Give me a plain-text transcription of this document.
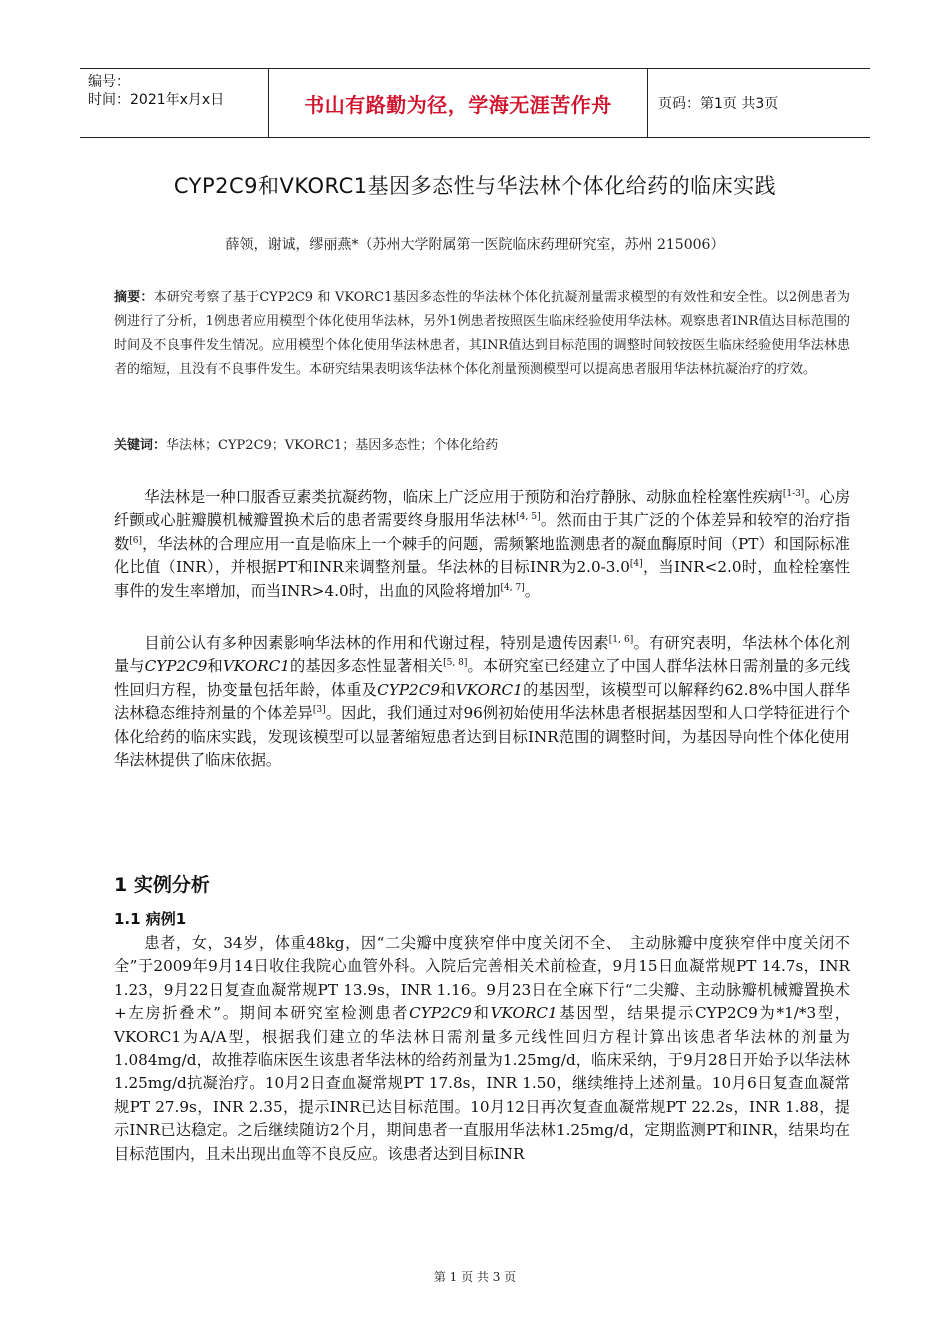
编号：
时间：2021年x月x日	书山有路勤为径，学海无涯苦作舟	页码：第1页 共3页
CYP2C9和VKORC1基因多态性与华法林个体化给药的临床实践
薛领，谢诚，缪丽燕*（苏州大学附属第一医院临床药理研究室，苏州 215006）
摘要：本研究考察了基于CYP2C9 和 VKORC1基因多态性的华法林个体化抗凝剂量需求模型的有效性和安全性。以2例患者为例进行了分析，1例患者应用模型个体化使用华法林，另外1例患者按照医生临床经验使用华法林。观察患者INR值达目标范围的时间及不良事件发生情况。应用模型个体化使用华法林患者，其INR值达到目标范围的调整时间较按医生临床经验使用华法林患者的缩短，且没有不良事件发生。本研究结果表明该华法林个体化剂量预测模型可以提高患者服用华法林抗凝治疗的疗效。
关键词：华法林；CYP2C9；VKORC1；基因多态性；个体化给药

华法林是一种口服香豆素类抗凝药物，临床上广泛应用于预防和治疗静脉、动脉血栓栓塞性疾病[1-3]。心房纤颤或心脏瓣膜机械瓣置换术后的患者需要终身服用华法林[4, 5]。然而由于其广泛的个体差异和较窄的治疗指数[6]，华法林的合理应用一直是临床上一个棘手的问题，需频繁地监测患者的凝血酶原时间（PT）和国际标准化比值（INR），并根据PT和INR来调整剂量。华法林的目标INR为2.0-3.0[4]，当INR<2.0时，血栓栓塞性事件的发生率增加，而当INR>4.0时，出血的风险将增加[4, 7]。

目前公认有多种因素影响华法林的作用和代谢过程，特别是遗传因素[1, 6]。有研究表明，华法林个体化剂量与CYP2C9和VKORC1的基因多态性显著相关[5, 8]。本研究室已经建立了中国人群华法林日需剂量的多元线性回归方程，协变量包括年龄，体重及CYP2C9和VKORC1的基因型，该模型可以解释约62.8%中国人群华法林稳态维持剂量的个体差异[3]。因此，我们通过对96例初始使用华法林患者根据基因型和人口学特征进行个体化给药的临床实践，发现该模型可以显著缩短患者达到目标INR范围的调整时间，为基因导向性个体化使用华法林提供了临床依据。

1 实例分析
1.1 病例1

患者，女，34岁，体重48kg，因“二尖瓣中度狭窄伴中度关闭不全、　主动脉瓣中度狭窄伴中度关闭不全”于2009年9月14日收住我院心血管外科。入院后完善相关术前检查，9月15日血凝常规PT 14.7s，INR 1.23，9月22日复查血凝常规PT 13.9s，INR 1.16。9月23日在全麻下行“二尖瓣、主动脉瓣机械瓣置换术+左房折叠术”。期间本研究室检测患者CYP2C9和VKORC1基因型，结果提示CYP2C9为*1/*3型，VKORC1为A/A型，根据我们建立的华法林日需剂量多元线性回归方程计算出该患者华法林的剂量为1.084mg/d，故推荐临床医生该患者华法林的给药剂量为1.25mg/d，临床采纳，于9月28日开始予以华法林1.25mg/d抗凝治疗。10月2日查血凝常规PT 17.8s，INR 1.50，继续维持上述剂量。10月6日复查血凝常规PT 27.9s，INR 2.35，提示INR已达目标范围。10月12日再次复查血凝常规PT 22.2s，INR 1.88，提示INR已达稳定。之后继续随访2个月，期间患者一直服用华法林1.25mg/d，定期监测PT和INR，结果均在目标范围内，且未出现出血等不良反应。该患者达到目标INR

第 1 页 共 3 页
